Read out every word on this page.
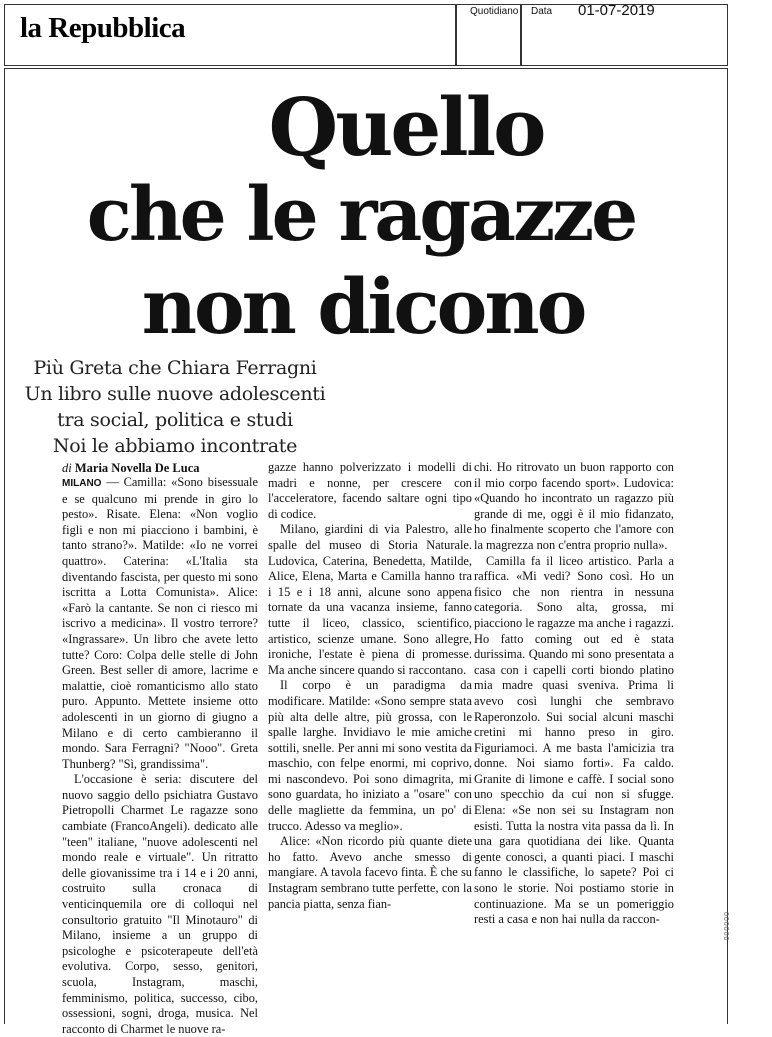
la Repubblica
Quotidiano Data 01-07-2019
Quello
che le ragazze
non dicono
Più Greta che Chiara Ferragni
Un libro sulle nuove adolescenti
tra social, politica e studi
Noi le abbiamo incontrate
di Maria Novella De Luca

MILANO — Camilla: «Sono bisessuale e se qualcuno mi prende in giro lo pesto». Risate. Elena: «Non voglio figli e non mi piacciono i bambini, è tanto strano?». Matilde: «Io ne vorrei quattro». Caterina: «L'Italia sta diventando fascista, per questo mi sono iscritta a Lotta Comunista». Alice: «Farò la cantante. Se non ci riesco mi iscrivo a medicina». Il vostro terrore? «Ingrassare». Un libro che avete letto tutte? Coro: Colpa delle stelle di John Green. Best seller di amore, lacrime e malattie, cioè romanticismo allo stato puro. Appunto. Mettete insieme otto adolescenti in un giorno di giugno a Milano e di certo cambieranno il mondo. Sara Ferragni? "Nooo". Greta Thunberg? "Sì, grandissima".

L'occasione è seria: discutere del nuovo saggio dello psichiatra Gustavo Pietropolli Charmet Le ragazze sono cambiate (FrancoAngeli). dedicato alle "teen" italiane, "nuove adolescenti nel mondo reale e virtuale". Un ritratto delle giovanissime tra i 14 e i 20 anni, costruito sulla cronaca di venticinquemila ore di colloqui nel consultorio gratuito "Il Minotauro" di Milano, insieme a un gruppo di psicologhe e psicoterapeute dell'età evolutiva. Corpo, sesso, genitori, scuola, Instagram, maschi, femminismo, politica, successo, cibo, ossessioni, sogni, droga, musica. Nel racconto di Charmet le nuove ra-

gazze hanno polverizzato i modelli di madri e nonne, per crescere con l'acceleratore, facendo saltare ogni tipo di codice.

Milano, giardini di via Palestro, alle spalle del museo di Storia Naturale. Ludovica, Caterina, Benedetta, Matilde, Alice, Elena, Marta e Camilla hanno tra i 15 e i 18 anni, alcune sono appena tornate da una vacanza insieme, fanno tutte il liceo, classico, scientifico, artistico, scienze umane. Sono allegre, ironiche, l'estate è piena di promesse. Ma anche sincere quando si raccontano.

Il corpo è un paradigma da modificare. Matilde: «Sono sempre stata più alta delle altre, più grossa, con le spalle larghe. Invidiavo le mie amiche sottili, snelle. Per anni mi sono vestita da maschio, con felpe enormi, mi coprivo, mi nascondevo. Poi sono dimagrita, mi sono guardata, ho iniziato a "osare" con delle magliette da femmina, un po' di trucco. Adesso va meglio».

Alice: «Non ricordo più quante diete ho fatto. Avevo anche smesso di mangiare. A tavola facevo finta. È che su Instagram sembrano tutte perfette, con la pancia piatta, senza fian-

chi. Ho ritrovato un buon rapporto con il mio corpo facendo sport». Ludovica: «Quando ho incontrato un ragazzo più grande di me, oggi è il mio fidanzato, ho finalmente scoperto che l'amore con la magrezza non c'entra proprio nulla».

Camilla fa il liceo artistico. Parla a raffica. «Mi vedi? Sono così. Ho un fisico che non rientra in nessuna categoria. Sono alta, grossa, mi piacciono le ragazze ma anche i ragazzi. Ho fatto coming out ed è stata durissima. Quando mi sono presentata a casa con i capelli corti biondo platino mia madre quasi sveniva. Prima li avevo così lunghi che sembravo Raperonzolo. Sui social alcuni maschi cretini mi hanno preso in giro. Figuriamoci. A me basta l'amicizia tra donne. Noi siamo forti». Fa caldo. Granite di limone e caffè. I social sono uno specchio da cui non si sfugge. Elena: «Se non sei su Instagram non esisti. Tutta la nostra vita passa da lì. In una gara quotidiana dei like. Quanta gente conosci, a quanti piaci. I maschi fanno le classifiche, lo sapete? Poi ci sono le storie. Noi postiamo storie in continuazione. Ma se un pomeriggio resti a casa e non hai nulla da raccon-	000000
